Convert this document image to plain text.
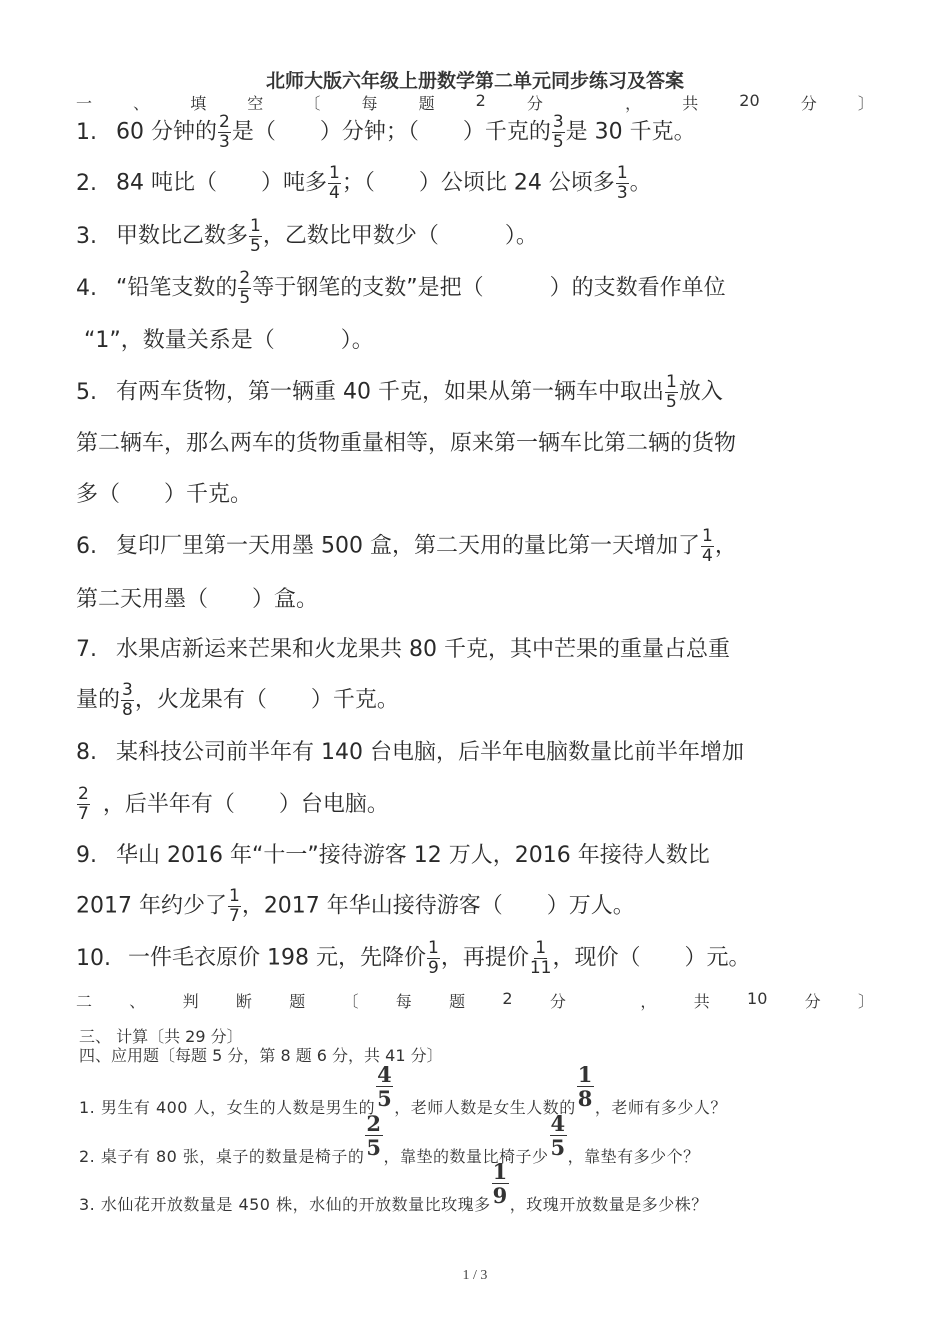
北师大版六年级上册数学第二单元同步练习及答案
一	、	填	空	〔	每	题	2	分	，	共	20	分	〕
1. 60 分钟的 $\frac{2}{3}$ 是（　　）分钟；（　　）千克的 $\frac{3}{5}$ 是 30 千克。
2. 84 吨比（　　）吨多 $\frac{1}{4}$ ；（　　）公顷比 24 公顷多 $\frac{1}{3}$ 。
3. 甲数比乙数多 $\frac{1}{5}$ ，乙数比甲数少（　　　）。
4. “铅笔支数的 $\frac{2}{5}$ 等于钢笔的支数”是把（　　　）的支数看作单位
“1”，数量关系是（　　　）。
5. 有两车货物，第一辆重 40 千克，如果从第一辆车中取出 $\frac{1}{5}$ 放入
第二辆车，那么两车的货物重量相等，原来第一辆车比第二辆的货物
多（　　）千克。
6. 复印厂里第一天用墨 500 盒，第二天用的量比第一天增加了 $\frac{1}{4}$ ，
第二天用墨（　　）盒。
7. 水果店新运来芒果和火龙果共 80 千克，其中芒果的重量占总重
量的 $\frac{3}{8}$ ，火龙果有（　　）千克。
8. 某科技公司前半年有 140 台电脑，后半年电脑数量比前半年增加
$\frac{2}{7}$ ，后半年有（　　）台电脑。
9. 华山 2016 年“十一”接待游客 12 万人，2016 年接待人数比
2017 年约少了 $\frac{1}{7}$ ，2017 年华山接待游客（　　）万人。
10. 一件毛衣原价 198 元，先降价 $\frac{1}{9}$ ，再提价 $\frac{1}{11}$ ，现价（　　）元。
二 、 判 断 题 〔 每 题 2 分	， 共 10 分 〕
三、 计算〔共 29 分〕
四、应用题〔每题 5 分，第 8 题 6 分，共 41 分〕
1. 男生有 400 人，女生的人数是男生的 $\frac{4}{5}$ ，老师人数是女生人数的 $\frac{1}{8}$ ，老师有多少人？
2. 桌子有 80 张，桌子的数量是椅子的 $\frac{2}{5}$ ，靠垫的数量比椅子少 $\frac{4}{5}$ ，靠垫有多少个？
3. 水仙花开放数量是 450 株，水仙的开放数量比玫瑰多 $\frac{1}{9}$ ，玫瑰开放数量是多少株？
1 / 3
